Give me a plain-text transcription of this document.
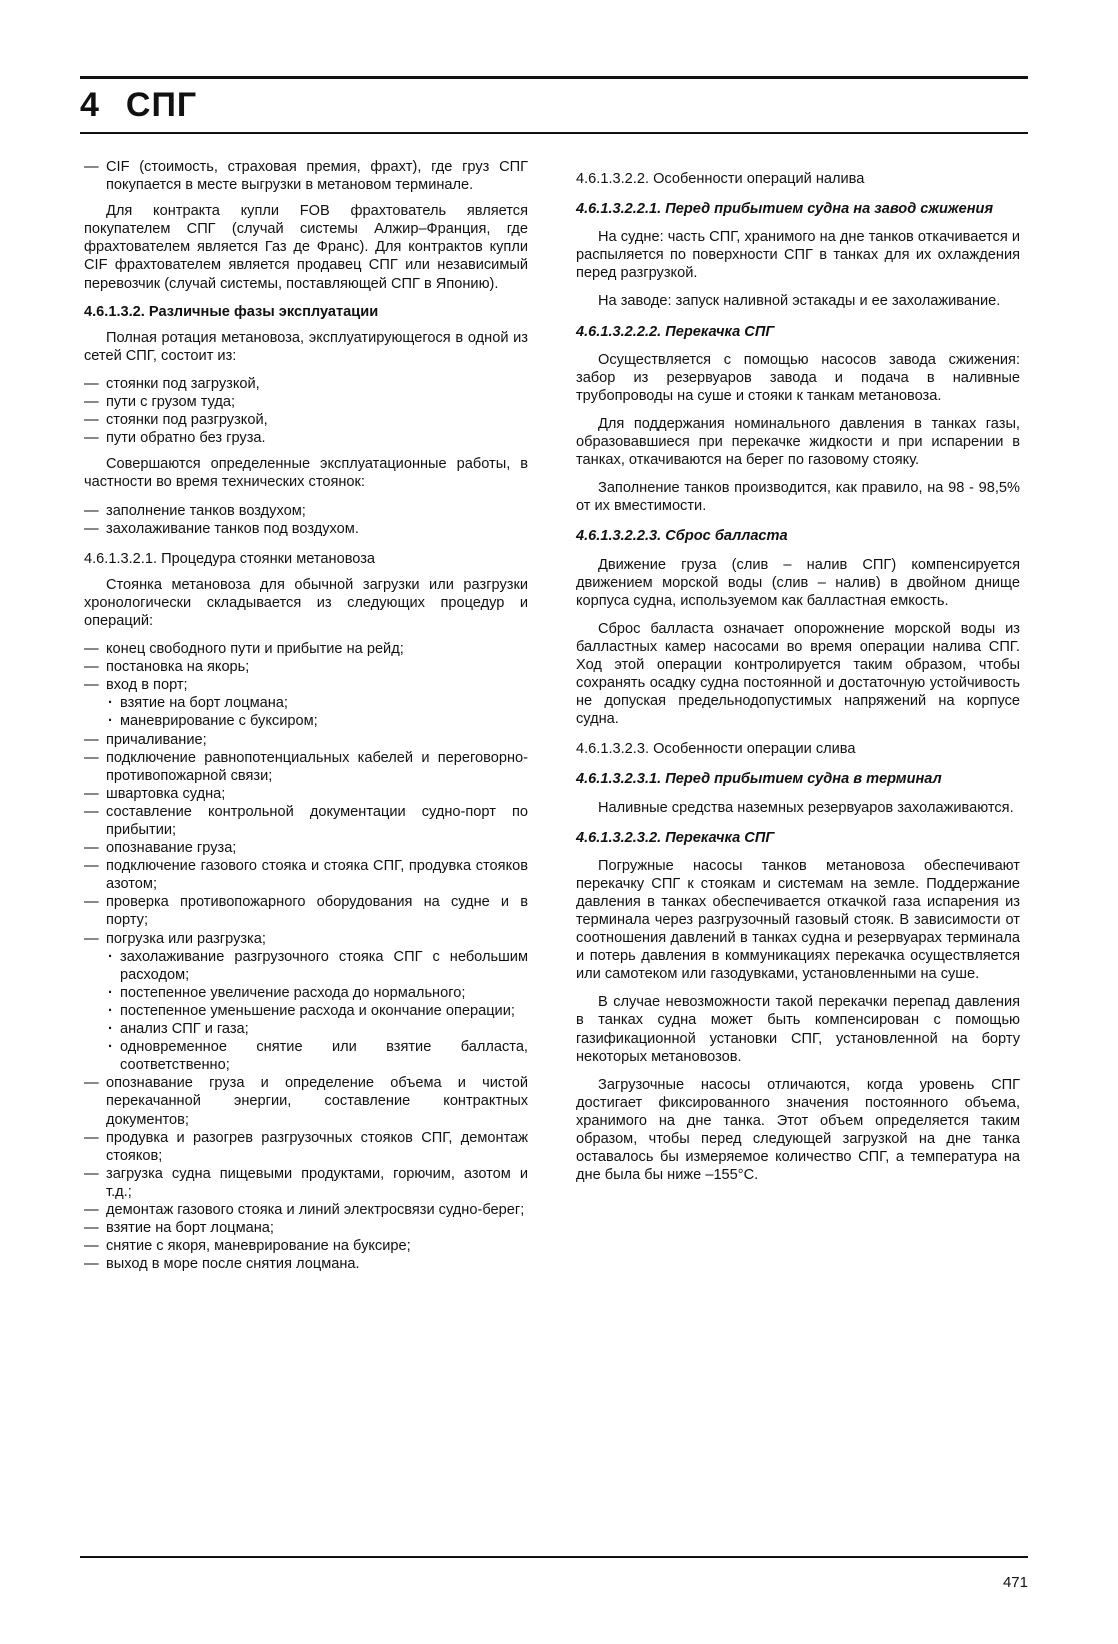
4 СПГ
— CIF (стоимость, страховая премия, фрахт), где груз СПГ покупается в месте выгрузки в метановом терминале.
Для контракта купли FOB фрахтователь является покупателем СПГ (случай системы Алжир–Франция, где фрахтователем является Газ де Франс). Для контрактов купли CIF фрахтователем является продавец СПГ или независимый перевозчик (случай системы, поставляющей СПГ в Японию).
4.6.1.3.2. Различные фазы эксплуатации
Полная ротация метановоза, эксплуатирующегося в одной из сетей СПГ, состоит из:
— стоянки под загрузкой,
— пути с грузом туда;
— стоянки под разгрузкой,
— пути обратно без груза.
Совершаются определенные эксплуатационные работы, в частности во время технических стоянок:
— заполнение танков воздухом;
— захолаживание танков под воздухом.
4.6.1.3.2.1. Процедура стоянки метановоза
Стоянка метановоза для обычной загрузки или разгрузки хронологически складывается из следующих процедур и операций:
— конец свободного пути и прибытие на рейд;
— постановка на якорь;
— вход в порт;
· взятие на борт лоцмана;
· маневрирование с буксиром;
— причаливание;
— подключение равнопотенциальных кабелей и переговорно-противопожарной связи;
— швартовка судна;
— составление контрольной документации судно-порт по прибытии;
— опознавание груза;
— подключение газового стояка и стояка СПГ, продувка стояков азотом;
— проверка противопожарного оборудования на судне и в порту;
— погрузка или разгрузка;
· захолаживание разгрузочного стояка СПГ с небольшим расходом;
· постепенное увеличение расхода до нормального;
· постепенное уменьшение расхода и окончание операции;
· анализ СПГ и газа;
· одновременное снятие или взятие балласта, соответственно;
— опознавание груза и определение объема и чистой перекачанной энергии, составление контрактных документов;
— продувка и разогрев разгрузочных стояков СПГ, демонтаж стояков;
— загрузка судна пищевыми продуктами, горючим, азотом и т.д.;
— демонтаж газового стояка и линий электросвязи судно-берег;
— взятие на борт лоцмана;
— снятие с якоря, маневрирование на буксире;
— выход в море после снятия лоцмана.
4.6.1.3.2.2. Особенности операций налива
4.6.1.3.2.2.1. Перед прибытием судна на завод сжижения
На судне: часть СПГ, хранимого на дне танков откачивается и распыляется по поверхности СПГ в танках для их охлаждения перед разгрузкой.
На заводе: запуск наливной эстакады и ее захолаживание.
4.6.1.3.2.2.2. Перекачка СПГ
Осуществляется с помощью насосов завода сжижения: забор из резервуаров завода и подача в наливные трубопроводы на суше и стояки к танкам метановоза.
Для поддержания номинального давления в танках газы, образовавшиеся при перекачке жидкости и при испарении в танках, откачиваются на берег по газовому стояку.
Заполнение танков производится, как правило, на 98 - 98,5% от их вместимости.
4.6.1.3.2.2.3. Сброс балласта
Движение груза (слив – налив СПГ) компенсируется движением морской воды (слив – налив) в двойном днище корпуса судна, используемом как балластная емкость.
Сброс балласта означает опорожнение морской воды из балластных камер насосами во время операции налива СПГ. Ход этой операции контролируется таким образом, чтобы сохранять осадку судна постоянной и достаточную устойчивость не допуская предельнодопустимых напряжений на корпусе судна.
4.6.1.3.2.3. Особенности операции слива
4.6.1.3.2.3.1. Перед прибытием судна в терминал
Наливные средства наземных резервуаров захолаживаются.
4.6.1.3.2.3.2. Перекачка СПГ
Погружные насосы танков метановоза обеспечивают перекачку СПГ к стоякам и системам на земле. Поддержание давления в танках обеспечивается откачкой газа испарения из терминала через разгрузочный газовый стояк. В зависимости от соотношения давлений в танках судна и резервуарах терминала и потерь давления в коммуникациях перекачка осуществляется или самотеком или газодувками, установленными на суше.
В случае невозможности такой перекачки перепад давления в танках судна может быть компенсирован с помощью газификационной установки СПГ, установленной на борту некоторых метановозов.
Загрузочные насосы отличаются, когда уровень СПГ достигает фиксированного значения постоянного объема, хранимого на дне танка. Этот объем определяется таким образом, чтобы перед следующей загрузкой на дне танка оставалось бы измеряемое количество СПГ, а температура на дне была бы ниже –155°C.
471
